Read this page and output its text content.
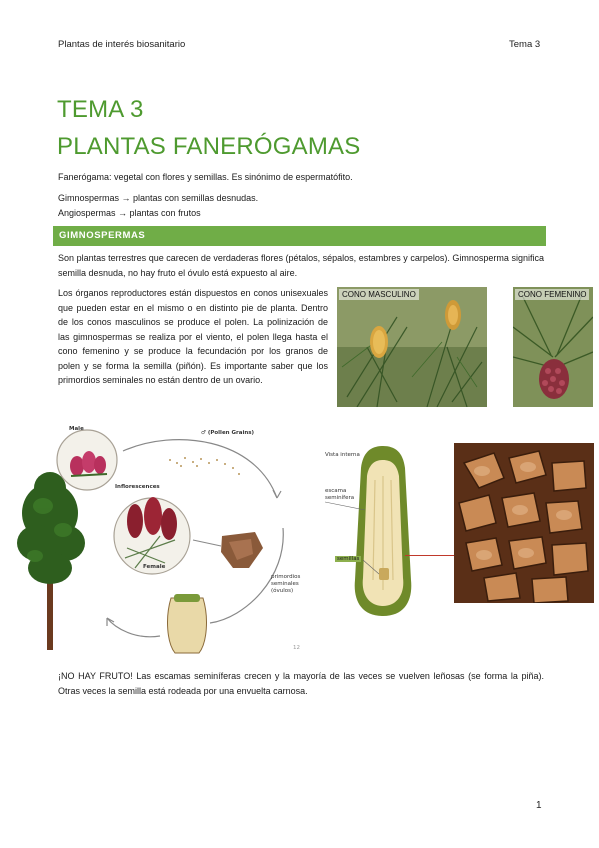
Plantas de interés biosanitario	Tema 3
TEMA 3
PLANTAS FANERÓGAMAS
Fanerógama: vegetal con flores y semillas. Es sinónimo de espermatófito.
Gimnospermas → plantas con semillas desnudas.
Angiospermas → plantas con frutos
GIMNOSPERMAS
Son plantas terrestres que carecen de verdaderas flores (pétalos, sépalos, estambres y carpelos). Gimnosperma significa semilla desnuda, no hay fruto el óvulo está expuesto al aire.
Los órganos reproductores están dispuestos en conos unisexuales que pueden estar en el mismo o en distinto pie de planta. Dentro de los conos masculinos se produce el polen. La polinización de las gimnospermas se realiza por el viento, el polen llega hasta el cono femenino y se produce la fecundación por los granos de polen y se forma la semilla (piñón). Es importante saber que los primordios seminales no están dentro de un ovario.
CONO MASCULINO	CONO FEMENINO
Male
♂ (Pollen Grains)
Inflorescences
Female
primordios
seminales
(óvulos)
12
Vista interna
escama
seminífera
semillas
¡NO HAY FRUTO! Las escamas seminíferas crecen y la mayoría de las veces se vuelven leñosas (se forma la piña). Otras veces la semilla está rodeada por una envuelta carnosa.
1
